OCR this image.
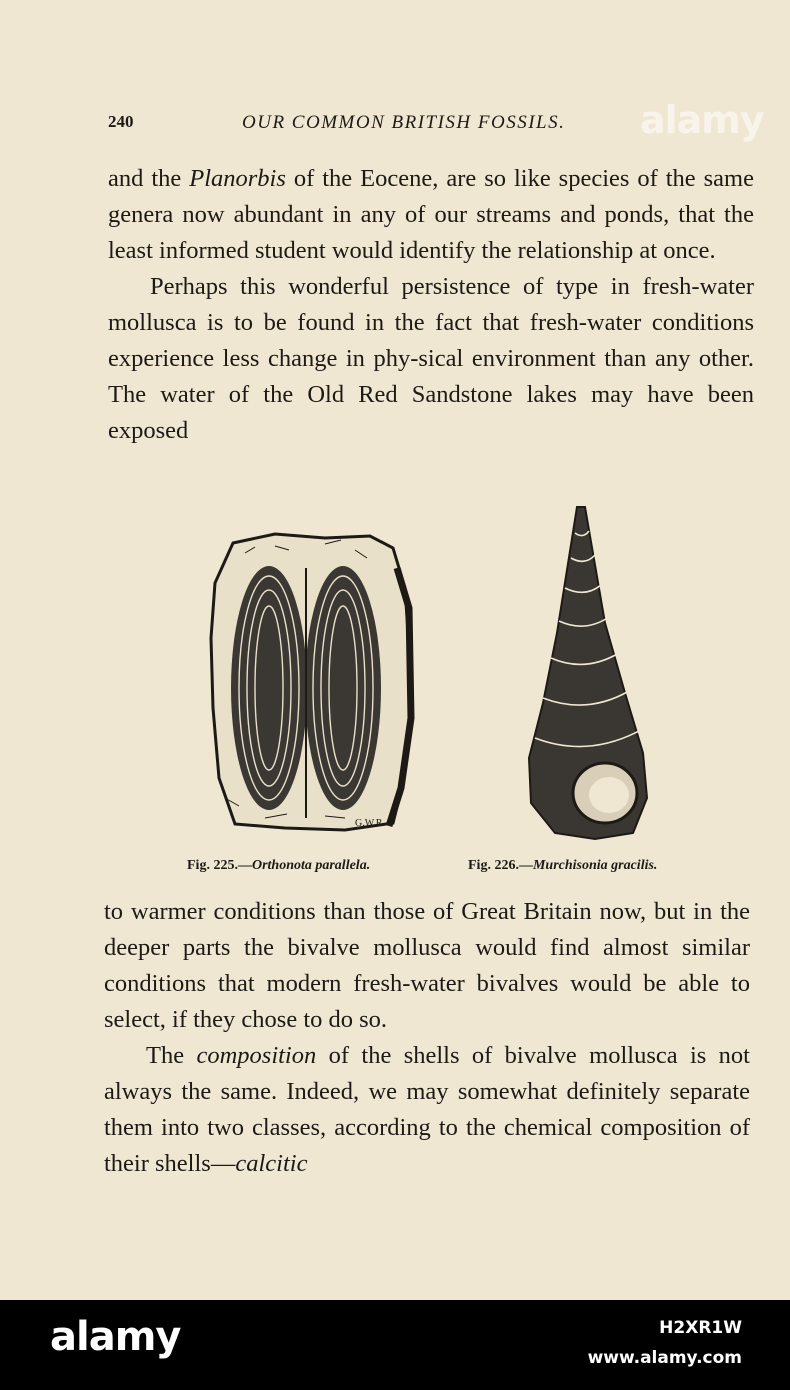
240	OUR COMMON BRITISH FOSSILS. alamy

and the Planorbis of the Eocene, are so like species of the same genera now abundant in any of our streams and ponds, that the least informed student would identify the relationship at once.

Perhaps this wonderful persistence of type in fresh-water mollusca is to be found in the fact that fresh-water conditions experience less change in phy-sical environment than any other. The water of the Old Red Sandstone lakes may have been exposed

G.W.R.
Fig. 225.—Orthonota parallela.	Fig. 226.—Murchisonia gracilis.

to warmer conditions than those of Great Britain now, but in the deeper parts the bivalve mollusca would find almost similar conditions that modern fresh-water bivalves would be able to select, if they chose to do so.

The composition of the shells of bivalve mollusca is not always the same. Indeed, we may somewhat definitely separate them into two classes, according to the chemical composition of their shells—calcitic

alamy	H2XR1W
www.alamy.com
